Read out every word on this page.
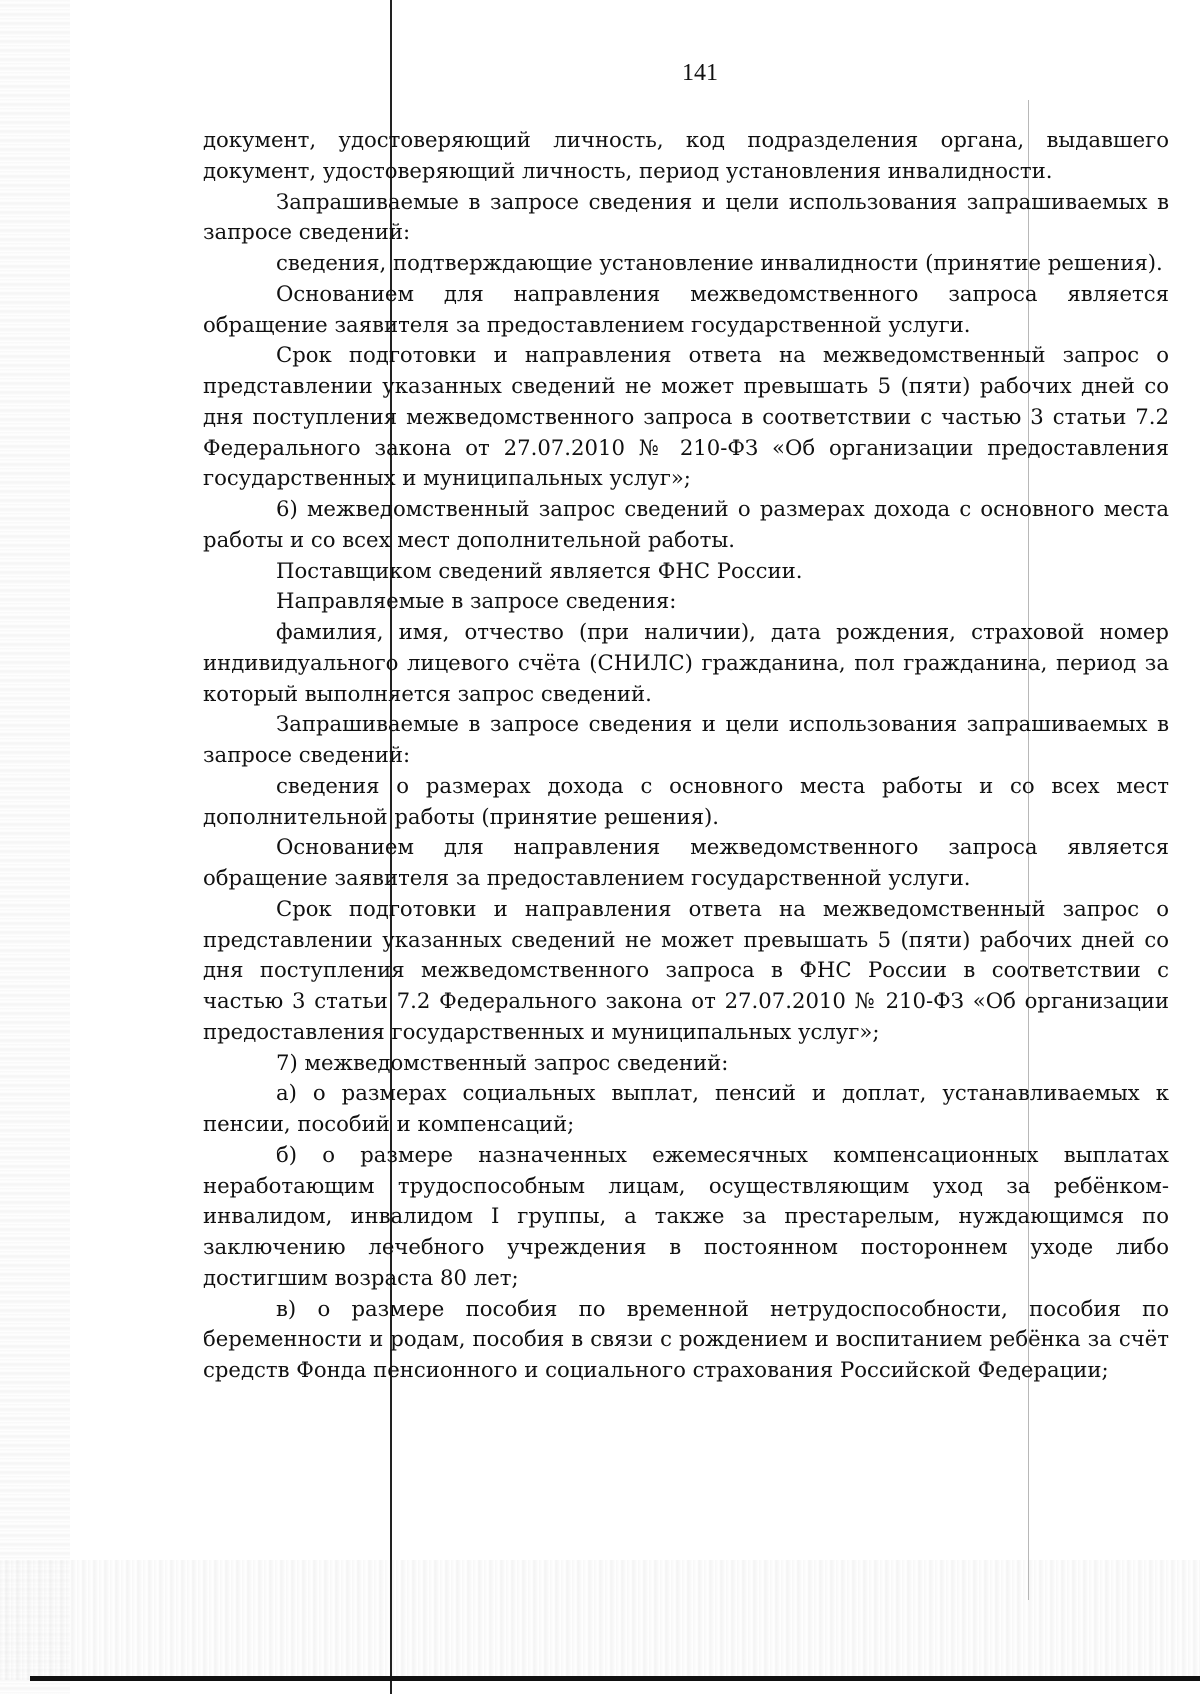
141

документ, удостоверяющий личность, код подразделения органа, выдавшего документ, удостоверяющий личность, период установления инвалидности.

Запрашиваемые в запросе сведения и цели использования запрашиваемых в запросе сведений:

сведения, подтверждающие установление инвалидности (принятие решения).

Основанием для направления межведомственного запроса является обращение заявителя за предоставлением государственной услуги.

Срок подготовки и направления ответа на межведомственный запрос о представлении указанных сведений не может превышать 5 (пяти) рабочих дней со дня поступления межведомственного запроса в соответствии с частью 3 статьи 7.2 Федерального закона от 27.07.2010 № 210-ФЗ «Об организации предоставления государственных и муниципальных услуг»;

6) межведомственный запрос сведений о размерах дохода с основного места работы и со всех мест дополнительной работы.

Поставщиком сведений является ФНС России.

Направляемые в запросе сведения:

фамилия, имя, отчество (при наличии), дата рождения, страховой номер индивидуального лицевого счёта (СНИЛС) гражданина, пол гражданина, период за который выполняется запрос сведений.

Запрашиваемые в запросе сведения и цели использования запрашиваемых в запросе сведений:

сведения о размерах дохода с основного места работы и со всех мест дополнительной работы (принятие решения).

Основанием для направления межведомственного запроса является обращение заявителя за предоставлением государственной услуги.

Срок подготовки и направления ответа на межведомственный запрос о представлении указанных сведений не может превышать 5 (пяти) рабочих дней со дня поступления межведомственного запроса в ФНС России в соответствии с частью 3 статьи 7.2 Федерального закона от 27.07.2010 № 210-ФЗ «Об организации предоставления государственных и муниципальных услуг»;

7) межведомственный запрос сведений:

а) о размерах социальных выплат, пенсий и доплат, устанавливаемых к пенсии, пособий и компенсаций;

б) о размере назначенных ежемесячных компенсационных выплатах неработающим трудоспособным лицам, осуществляющим уход за ребёнком-инвалидом, инвалидом I группы, а также за престарелым, нуждающимся по заключению лечебного учреждения в постоянном постороннем уходе либо достигшим возраста 80 лет;

в) о размере пособия по временной нетрудоспособности, пособия по беременности и родам, пособия в связи с рождением и воспитанием ребёнка за счёт средств Фонда пенсионного и социального страхования Российской Федерации;
